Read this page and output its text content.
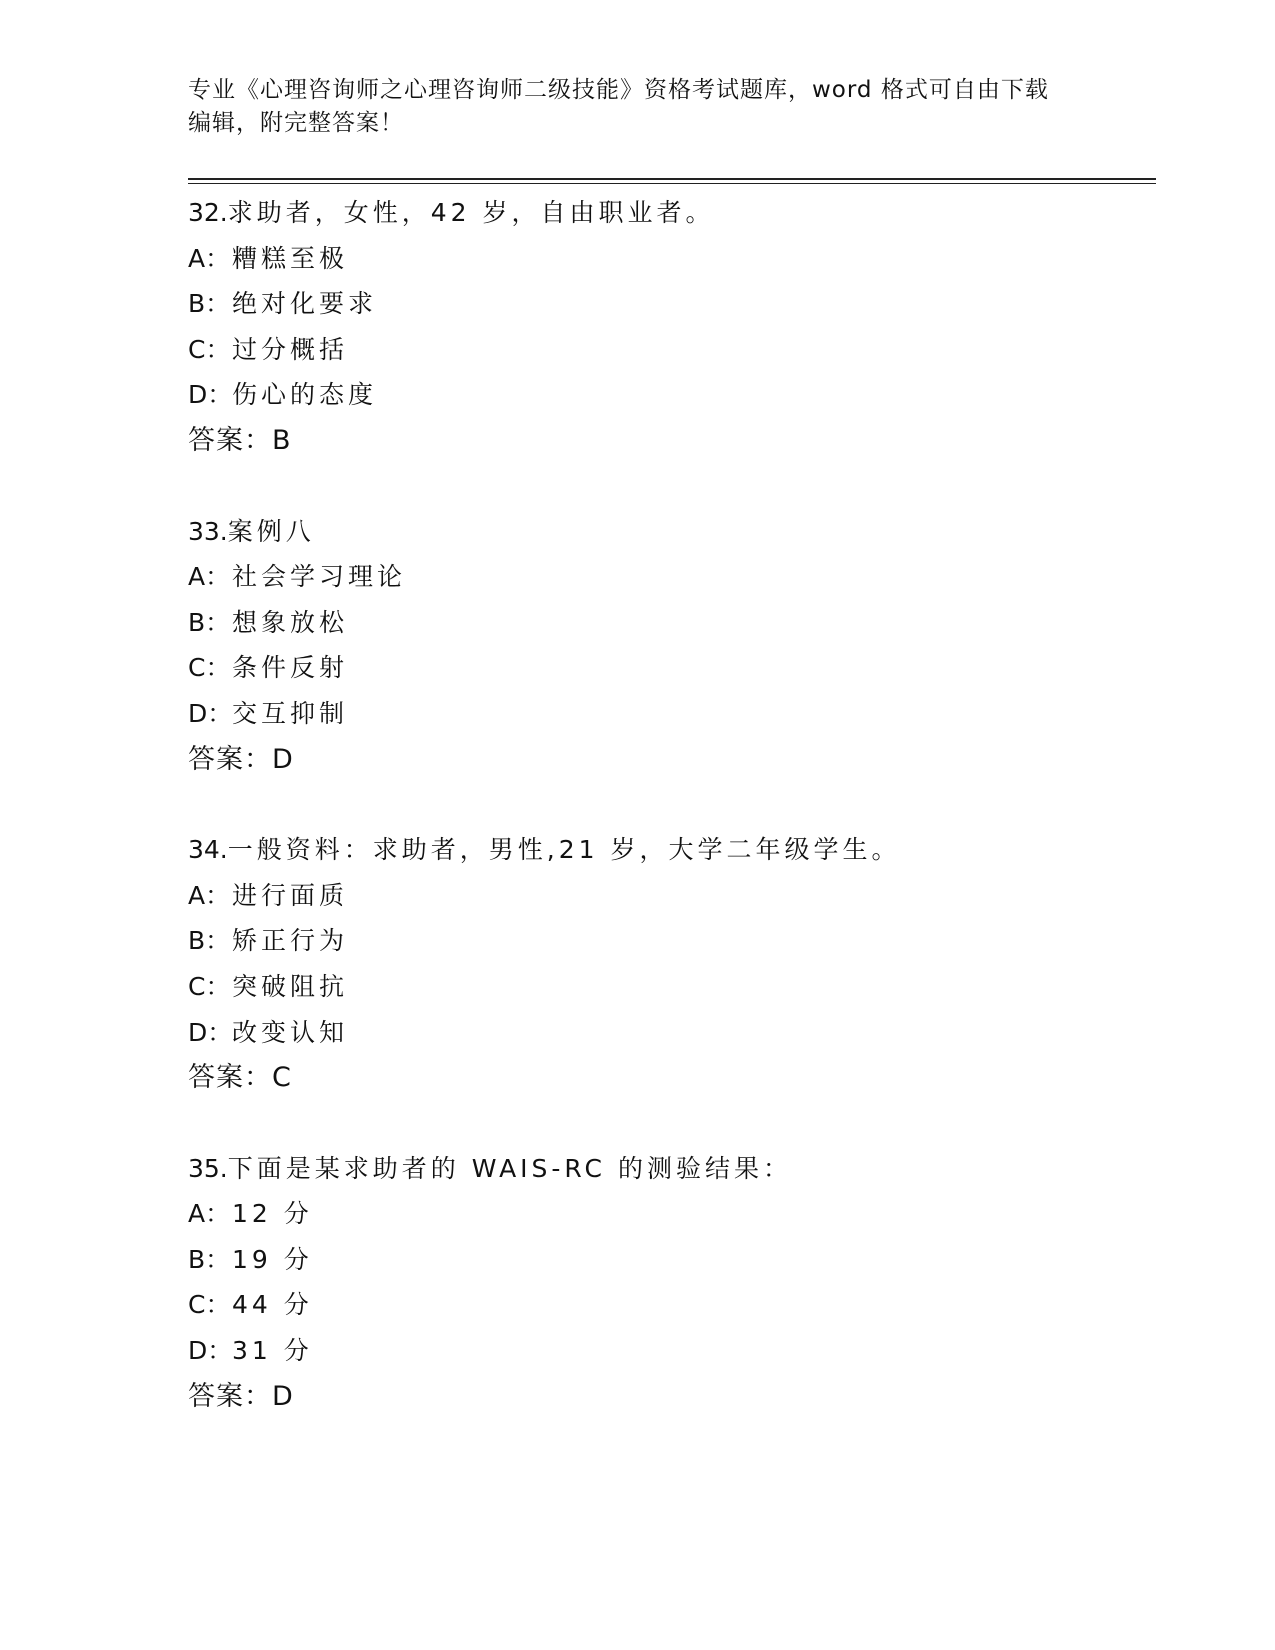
专业《心理咨询师之心理咨询师二级技能》资格考试题库，word 格式可自由下载
编辑，附完整答案！
32.求助者，女性，42 岁，自由职业者。
A：糟糕至极
B：绝对化要求
C：过分概括
D：伤心的态度
答案：B
33.案例八
A：社会学习理论
B：想象放松
C：条件反射
D：交互抑制
答案：D
34.一般资料：求助者，男性,21 岁，大学二年级学生。
A：进行面质
B：矫正行为
C：突破阻抗
D：改变认知
答案：C
35.下面是某求助者的 WAIS-RC 的测验结果：
A：12 分
B：19 分
C：44 分
D：31 分
答案：D
